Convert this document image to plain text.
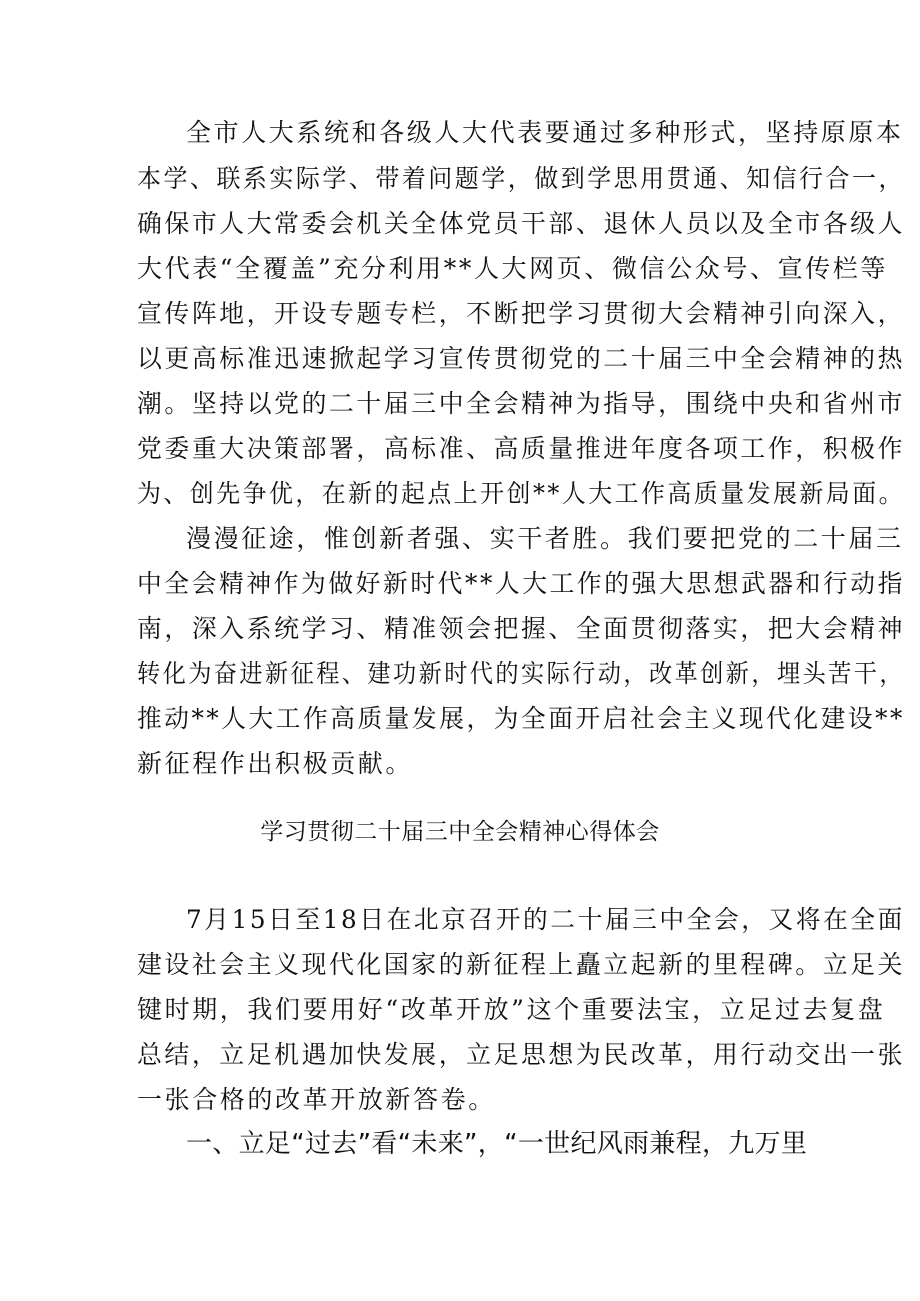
全市人大系统和各级人大代表要通过多种形式，坚持原原本
本学、联系实际学、带着问题学，做到学思用贯通、知信行合一，
确保市人大常委会机关全体党员干部、退休人员以及全市各级人
大代表“全覆盖”充分利用**人大网页、微信公众号、宣传栏等
宣传阵地，开设专题专栏，不断把学习贯彻大会精神引向深入，
以更高标准迅速掀起学习宣传贯彻党的二十届三中全会精神的热
潮。坚持以党的二十届三中全会精神为指导，围绕中央和省州市
党委重大决策部署，高标准、高质量推进年度各项工作，积极作
为、创先争优，在新的起点上开创**人大工作高质量发展新局面。
漫漫征途，惟创新者强、实干者胜。我们要把党的二十届三
中全会精神作为做好新时代**人大工作的强大思想武器和行动指
南，深入系统学习、精准领会把握、全面贯彻落实，把大会精神
转化为奋进新征程、建功新时代的实际行动，改革创新，埋头苦干，
推动**人大工作高质量发展，为全面开启社会主义现代化建设**
新征程作出积极贡献。
学习贯彻二十届三中全会精神心得体会
7月15日至18日在北京召开的二十届三中全会，又将在全面
建设社会主义现代化国家的新征程上矗立起新的里程碑。立足关
键时期，我们要用好“改革开放”这个重要法宝，立足过去复盘
总结，立足机遇加快发展，立足思想为民改革，用行动交出一张
一张合格的改革开放新答卷。
一、立足“过去”看“未来”，“一世纪风雨兼程，九万里
